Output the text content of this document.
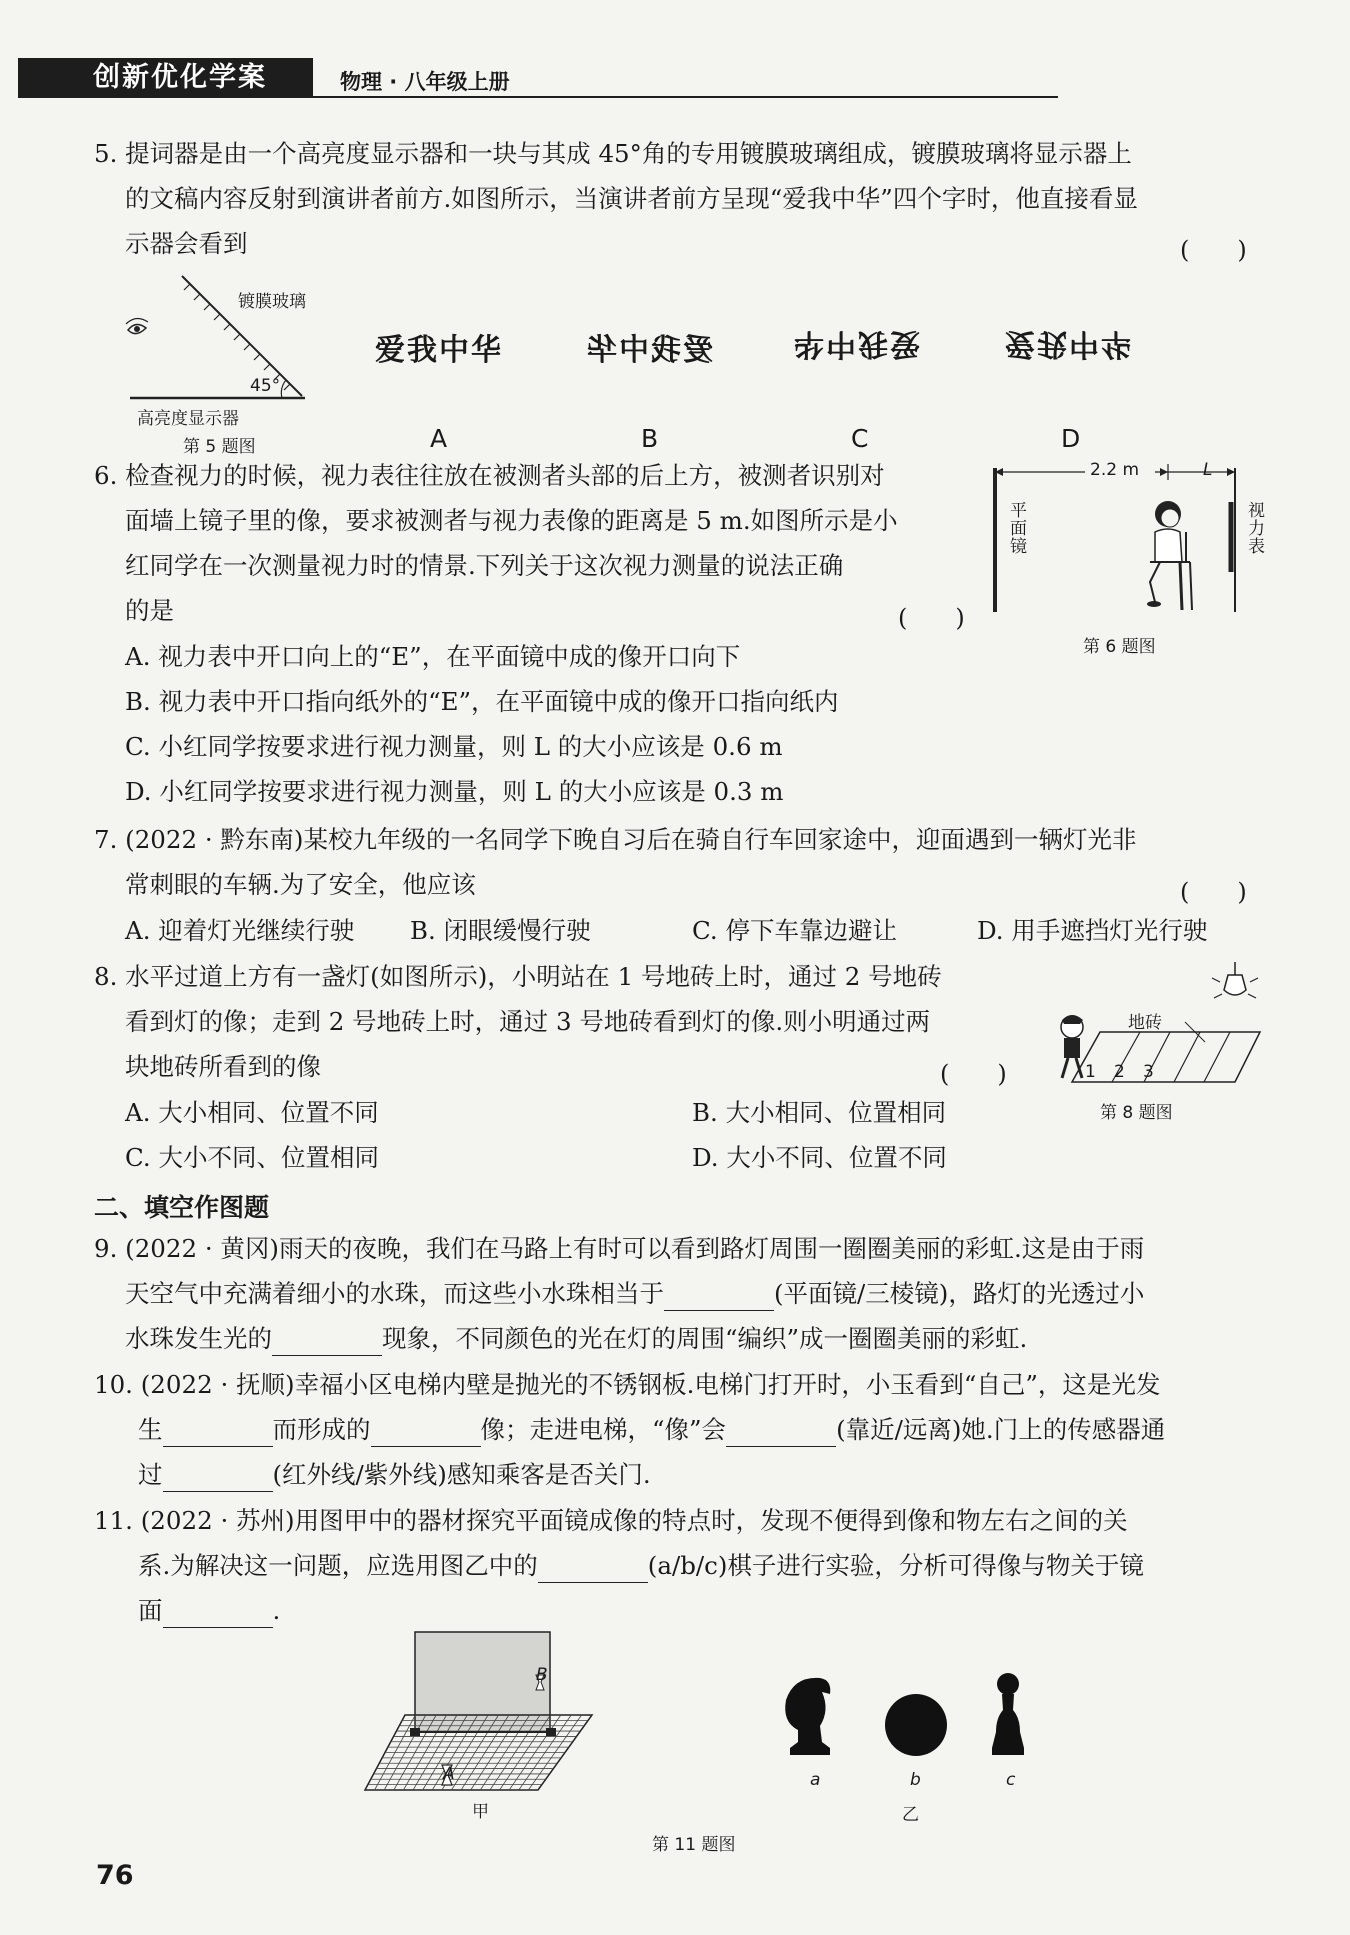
创新优化学案	物理 · 八年级上册
5. 提词器是由一个高亮度显示器和一块与其成 45°角的专用镀膜玻璃组成，镀膜玻璃将显示器上
的文稿内容反射到演讲者前方.如图所示，当演讲者前方呈现“爱我中华”四个字时，他直接看显
示器会看到	(　　)
镀膜玻璃
45°
高亮度显示器
第 5 题图
爱我中华	爱我中华	爱我中华	爱我中华
A	B	C	D
6. 检查视力的时候，视力表往往放在被测者头部的后上方，被测者识别对
面墙上镜子里的像，要求被测者与视力表像的距离是 5 m.如图所示是小
红同学在一次测量视力时的情景.下列关于这次视力测量的说法正确
的是	(　　)
A. 视力表中开口向上的“E”，在平面镜中成的像开口向下
B. 视力表中开口指向纸外的“E”，在平面镜中成的像开口指向纸内
C. 小红同学按要求进行视力测量，则 L 的大小应该是 0.6 m
D. 小红同学按要求进行视力测量，则 L 的大小应该是 0.3 m
2.2 m	L
平面镜
视力表
第 6 题图
7. (2022 · 黔东南)某校九年级的一名同学下晚自习后在骑自行车回家途中，迎面遇到一辆灯光非
常刺眼的车辆.为了安全，他应该	(　　)
A. 迎着灯光继续行驶 B. 闭眼缓慢行驶	C. 停下车靠边避让	D. 用手遮挡灯光行驶
8. 水平过道上方有一盏灯(如图所示)，小明站在 1 号地砖上时，通过 2 号地砖
看到灯的像；走到 2 号地砖上时，通过 3 号地砖看到灯的像.则小明通过两
块地砖所看到的像	(　　)
A. 大小相同、位置不同	B. 大小相同、位置相同
C. 大小不同、位置相同	D. 大小不同、位置不同
地砖
1 2 3
第 8 题图
二、填空作图题
9. (2022 · 黄冈)雨天的夜晚，我们在马路上有时可以看到路灯周围一圈圈美丽的彩虹.这是由于雨
天空气中充满着细小的水珠，而这些小水珠相当于	(平面镜/三棱镜)，路灯的光透过小
水珠发生光的	现象，不同颜色的光在灯的周围“编织”成一圈圈美丽的彩虹.
10. (2022 · 抚顺)幸福小区电梯内壁是抛光的不锈钢板.电梯门打开时，小玉看到“自己”，这是光发
生	而形成的	像；走进电梯，“像”会	(靠近/远离)她.门上的传感器通
过	(红外线/紫外线)感知乘客是否关门.
11. (2022 · 苏州)用图甲中的器材探究平面镜成像的特点时，发现不便得到像和物左右之间的关
系.为解决这一问题，应选用图乙中的	(a/b/c)棋子进行实验，分析可得像与物关于镜
面	.
A
B
甲
a	b	c
乙
第 11 题图
76
